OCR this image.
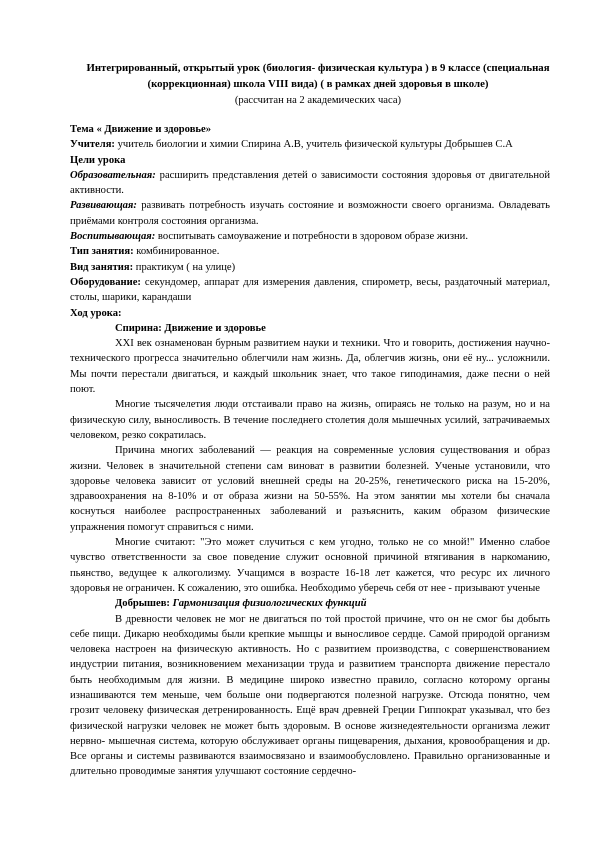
Интегрированный, открытый урок (биология- физическая культура ) в 9 классе (специальная (коррекционная) школа VIII вида) ( в рамках дней здоровья в школе)
(рассчитан на 2 академических часа)

Тема « Движение и здоровье»

Учителя: учитель биологии и химии Спирина А.В, учитель физической культуры Добрышев С.А

Цели урока

Образовательная: расширить представления детей о зависимости состояния здоровья от двигательной активности.

Развивающая: развивать потребность изучать состояние и возможности своего организма. Овладевать приёмами контроля состояния организма.

Воспитывающая: воспитывать самоуважение и потребности в здоровом образе жизни.

Тип занятия: комбинированное.

Вид занятия: практикум ( на улице)

Оборудование: секундомер, аппарат для измерения давления, спирометр, весы, раздаточный материал, столы, шарики, карандаши

Ход урока:

Спирина: Движение и здоровье

XXI век ознаменован бурным развитием науки и техники. Что и говорить, достижения научно- технического прогресса значительно облегчили нам жизнь. Да, облегчив жизнь, они её ну... усложнили. Мы почти перестали двигаться, и каждый школьник знает, что такое гиподинамия, даже песни о ней поют.

Многие тысячелетия люди отстаивали право на жизнь, опираясь не только на разум, но и на физическую силу, выносливость. В течение последнего столетия доля мышечных усилий, затрачиваемых человеком, резко сократилась.

Причина многих заболеваний — реакция на современные условия существования и образ жизни. Человек в значительной степени сам виноват в развитии болезней. Ученые установили, что здоровье человека зависит от условий внешней среды на 20-25%, генетического риска на 15-20%, здравоохранения на 8-10% и от образа жизни на 50-55%. На этом занятии мы хотели бы сначала коснуться наиболее распространенных заболеваний и разъяснить, каким образом физические упражнения помогут справиться с ними.

Многие считают: "Это может случиться с кем угодно, только не со мной!" Именно слабое чувство ответственности за свое поведение служит основной причиной втягивания в наркоманию, пьянство, ведущее к алкоголизму. Учащимся в возрасте 16-18 лет кажется, что ресурс их личного здоровья не ограничен. К сожалению, это ошибка. Необходимо уберечь себя от нее - призывают ученые

Добрышев: Гармонизация физиологических функций

В древности человек не мог не двигаться по той простой причине, что он не смог бы добыть себе пищи. Дикарю необходимы были крепкие мышцы и выносливое сердце. Самой природой организм человека настроен на физическую активность. Но с развитием производства, с совершенствованием индустрии питания, возникновением механизации труда и развитием транспорта движение перестало быть необходимым для жизни. В медицине широко известно правило, согласно которому органы изнашиваются тем меньше, чем больше они подвергаются полезной нагрузке. Отсюда понятно, чем грозит человеку физическая детренированность. Ещё врач древней Греции Гиппократ указывал, что без физической нагрузки человек не может быть здоровым. В основе жизнедеятельности организма лежит нервно- мышечная система, которую обслуживает органы пищеварения, дыхания, кровообращения и др. Все органы и системы развиваются взаимосвязано и взаимообусловлено. Правильно организованные и длительно проводимые занятия улучшают состояние сердечно-
